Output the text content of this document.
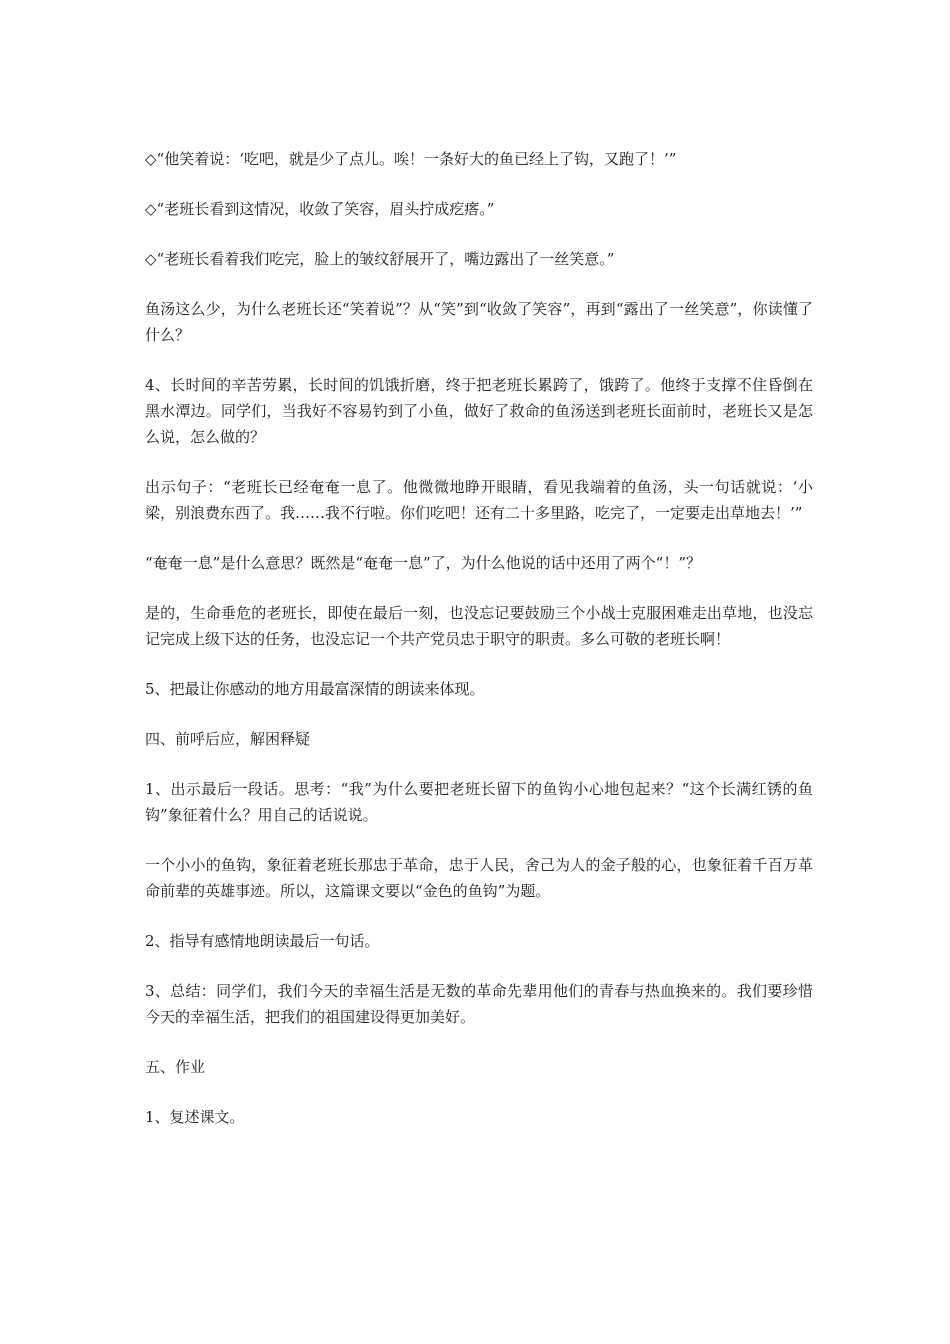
◇“他笑着说：‘吃吧，就是少了点儿。唉！一条好大的鱼已经上了钩，又跑了！’”

◇“老班长看到这情况，收敛了笑容，眉头拧成疙瘩。”

◇“老班长看着我们吃完，脸上的皱纹舒展开了，嘴边露出了一丝笑意。”

鱼汤这么少，为什么老班长还“笑着说”？从“笑”到“收敛了笑容”，再到“露出了一丝笑意”，你读懂了什么？

4、长时间的辛苦劳累，长时间的饥饿折磨，终于把老班长累跨了，饿跨了。他终于支撑不住昏倒在黑水潭边。同学们，当我好不容易钓到了小鱼，做好了救命的鱼汤送到老班长面前时，老班长又是怎么说，怎么做的？

出示句子：“老班长已经奄奄一息了。他微微地睁开眼睛，看见我端着的鱼汤，头一句话就说：‘小梁，别浪费东西了。我……我不行啦。你们吃吧！还有二十多里路，吃完了，一定要走出草地去！’”

“奄奄一息”是什么意思？既然是“奄奄一息”了，为什么他说的话中还用了两个“！”？

是的，生命垂危的老班长，即使在最后一刻，也没忘记要鼓励三个小战士克服困难走出草地，也没忘记完成上级下达的任务，也没忘记一个共产党员忠于职守的职责。多么可敬的老班长啊！

5、把最让你感动的地方用最富深情的朗读来体现。

四、前呼后应，解困释疑

1、出示最后一段话。思考：“我”为什么要把老班长留下的鱼钩小心地包起来？“这个长满红锈的鱼钩”象征着什么？用自己的话说说。

一个小小的鱼钩，象征着老班长那忠于革命，忠于人民，舍己为人的金子般的心，也象征着千百万革命前辈的英雄事迹。所以，这篇课文要以“金色的鱼钩”为题。

2、指导有感情地朗读最后一句话。

3、总结：同学们，我们今天的幸福生活是无数的革命先辈用他们的青春与热血换来的。我们要珍惜今天的幸福生活，把我们的祖国建设得更加美好。

五、作业

1、复述课文。
